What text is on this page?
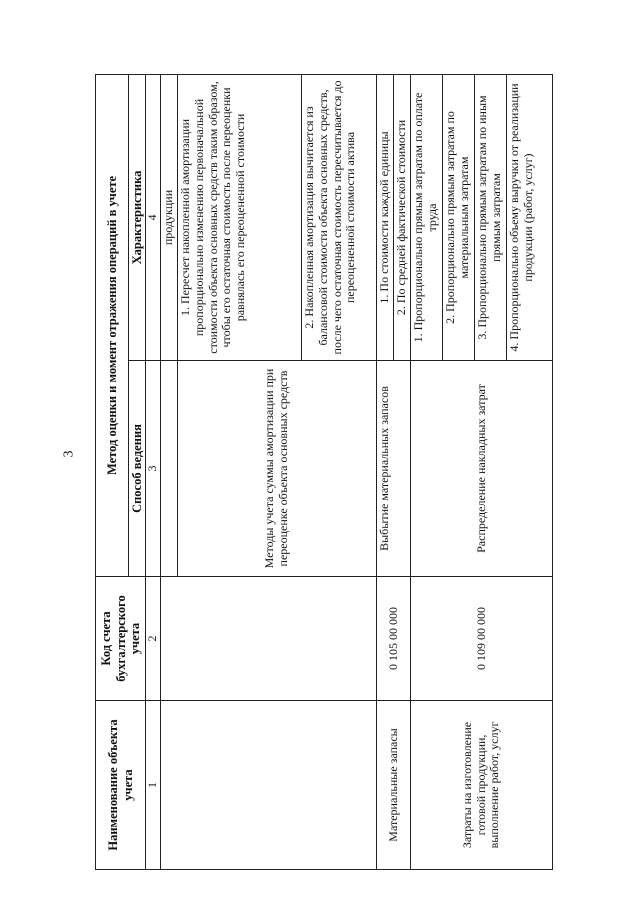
3
Наименование объекта учета	Код счета бухгалтерского учета	Метод оценки и момент отражения операций в учете	
		Способ ведения	Характеристика
1	2	3	4
			продукции
		Методы учета суммы амортизации при переоценке объекта основных средств	1. Пересчет накопленной амортизации пропорционально изменению первоначальной стоимости объекта основных средств таким образом, чтобы его остаточная стоимость после переоценки равнялась его переоцененной стоимости
			2. Накопленная амортизация вычитается из балансовой стоимости объекта основных средств, после чего остаточная стоимость пересчитывается до переоцененной стоимости актива
Материальные запасы	0 105 00 000	Выбытие материальных запасов	1. По стоимости каждой единицы
			2. По средней фактической стоимости
Затраты на изготовление готовой продукции, выполнение работ, услуг	0 109 00 000	Распределение накладных затрат	1. Пропорционально прямым затратам по оплате труда
			2. Пропорционально прямым затратам по материальным затратам
			3. Пропорционально прямым затратам по иным прямым затратам
			4. Пропорционально объему выручки от реализации продукции (работ, услуг)
